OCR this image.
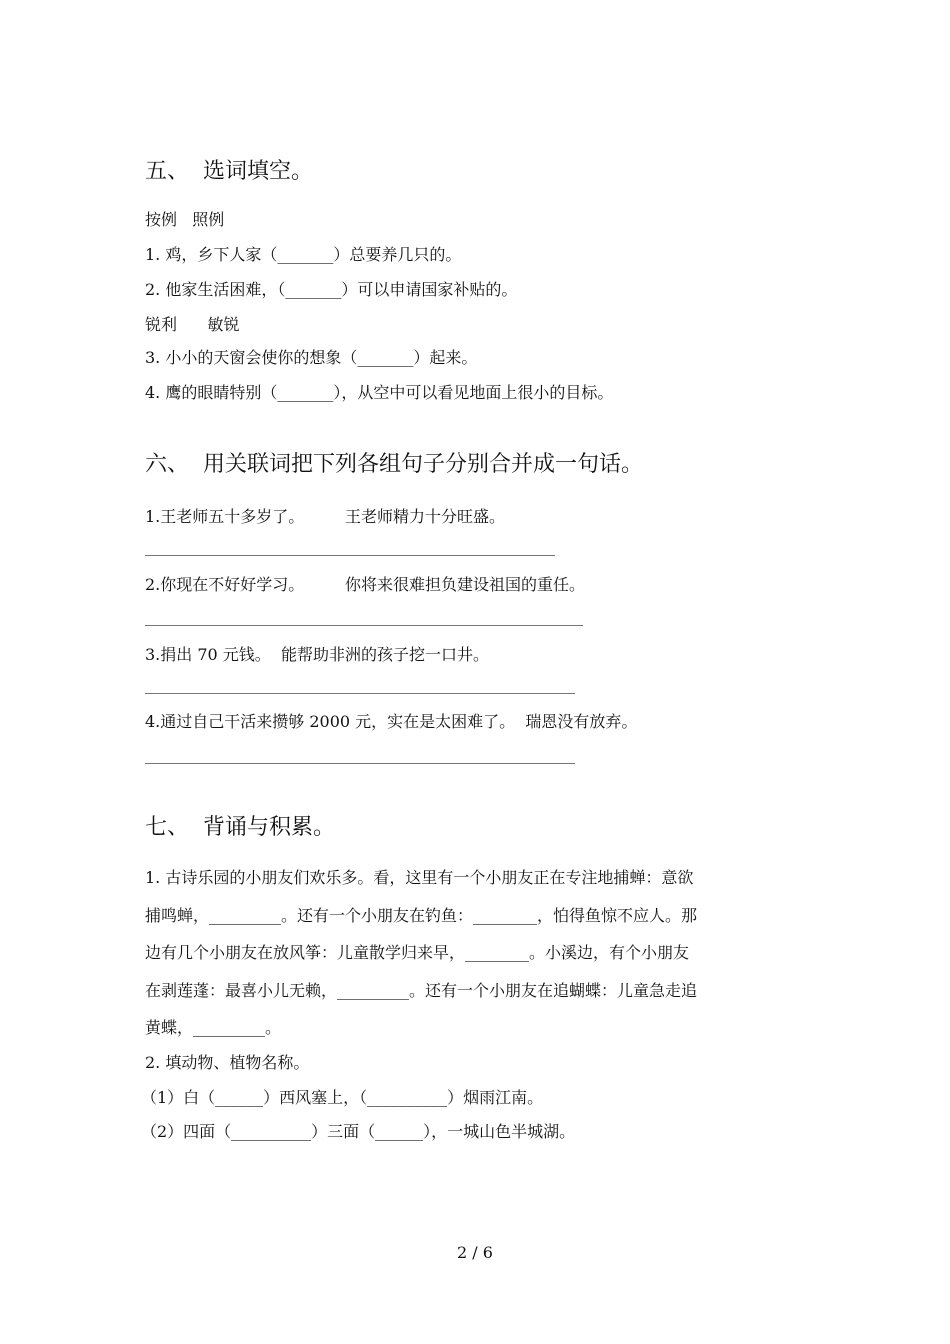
五、  选词填空。
按例   照例
1. 鸡，乡下人家（_______）总要养几只的。
2. 他家生活困难，（_______）可以申请国家补贴的。
锐利      敏锐
3. 小小的天窗会使你的想象（_______）起来。
4. 鹰的眼睛特别（_______），从空中可以看见地面上很小的目标。
六、  用关联词把下列各组句子分别合并成一句话。
1.王老师五十多岁了。        王老师精力十分旺盛。
2.你现在不好好学习。        你将来很难担负建设祖国的重任。
3.捐出 70 元钱。  能帮助非洲的孩子挖一口井。
4.通过自己干活来攒够 2000 元，实在是太困难了。  瑞恩没有放弃。
七、  背诵与积累。
1. 古诗乐园的小朋友们欢乐多。看，这里有一个小朋友正在专注地捕蝉：意欲
捕鸣蝉，_________。还有一个小朋友在钓鱼：________，怕得鱼惊不应人。那
边有几个小朋友在放风筝：儿童散学归来早，________。小溪边，有个小朋友
在剥莲蓬：最喜小儿无赖，_________。还有一个小朋友在追蝴蝶：儿童急走追
黄蝶，_________。
2. 填动物、植物名称。
（1）白（______）西风塞上，（__________）烟雨江南。
（2）四面（__________）三面（______），一城山色半城湖。
2 / 6
